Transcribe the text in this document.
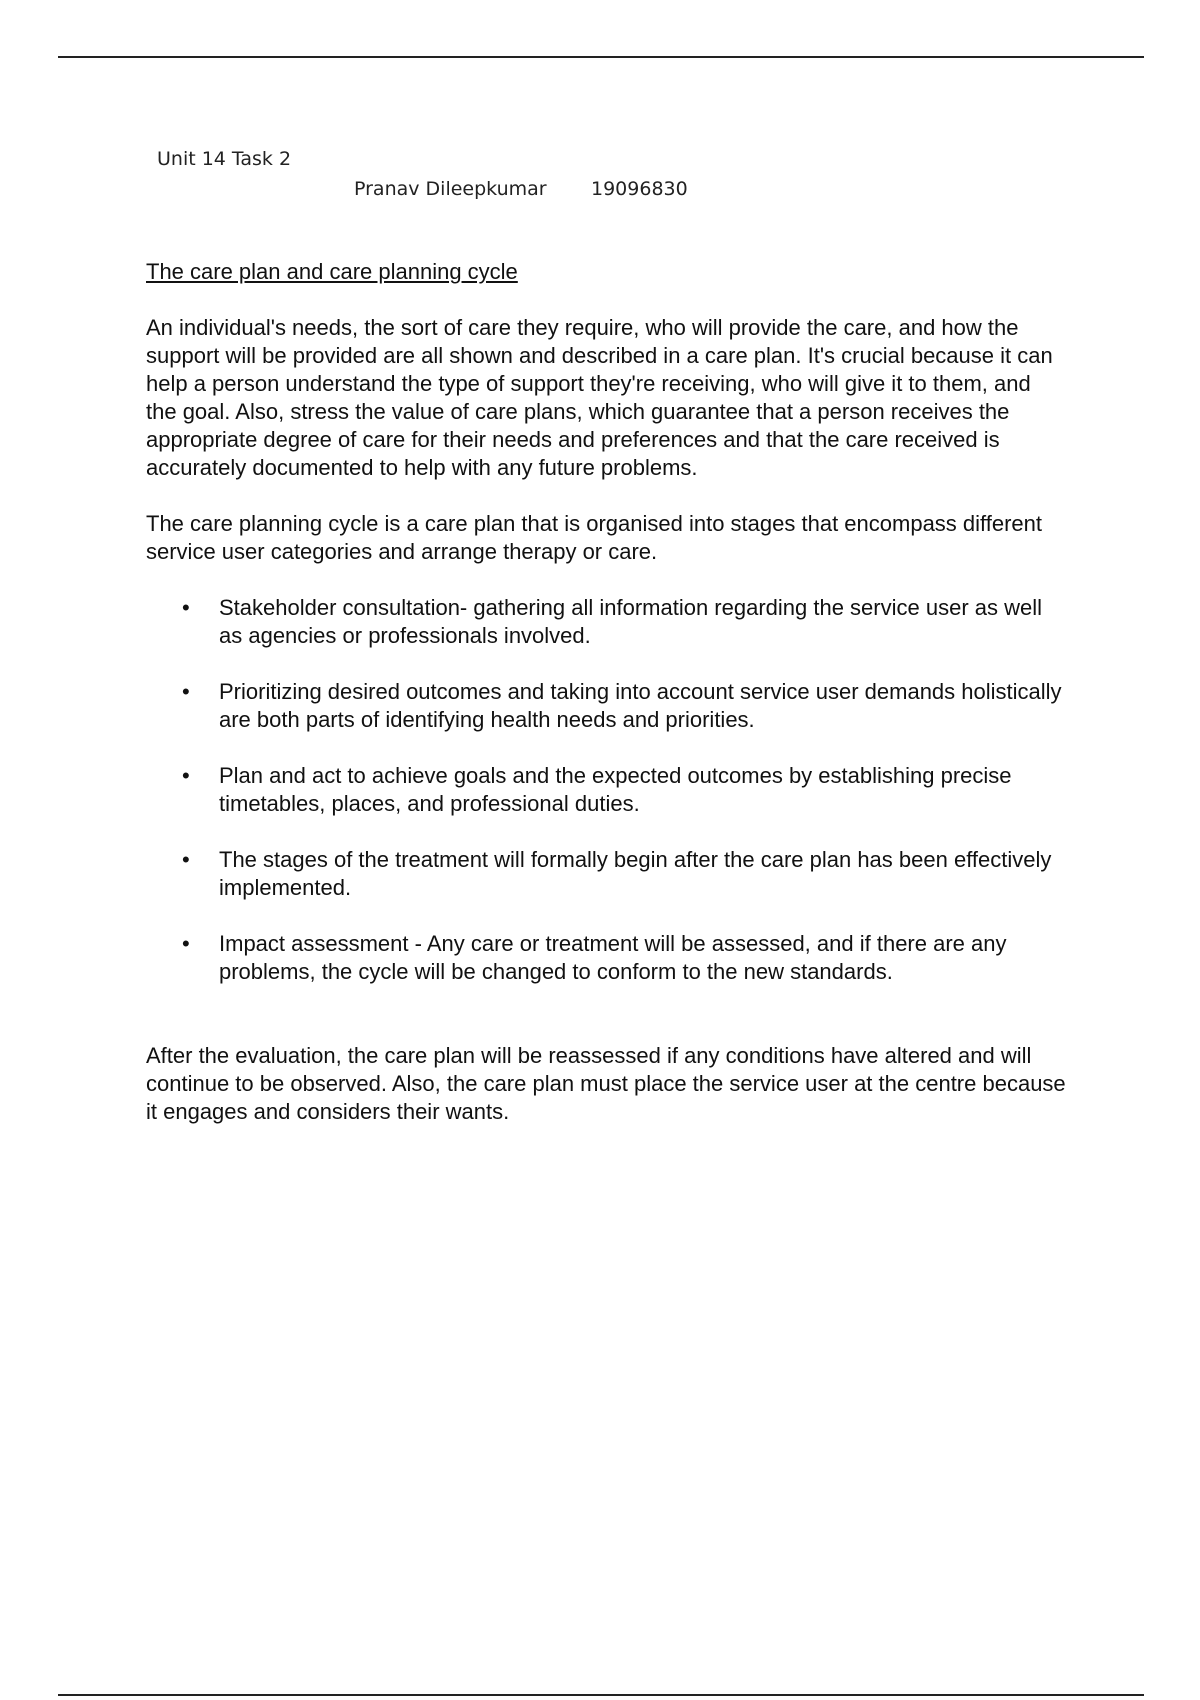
Unit 14 Task 2
Pranav Dileepkumar 19096830
The care plan and care planning cycle

An individual's needs, the sort of care they require, who will provide the care, and how the support will be provided are all shown and described in a care plan. It's crucial because it can help a person understand the type of support they're receiving, who will give it to them, and the goal. Also, stress the value of care plans, which guarantee that a person receives the appropriate degree of care for their needs and preferences and that the care received is accurately documented to help with any future problems.

The care planning cycle is a care plan that is organised into stages that encompass different service user categories and arrange therapy or care.

• Stakeholder consultation- gathering all information regarding the service user as well as agencies or professionals involved.
• Prioritizing desired outcomes and taking into account service user demands holistically are both parts of identifying health needs and priorities.
• Plan and act to achieve goals and the expected outcomes by establishing precise timetables, places, and professional duties.
• The stages of the treatment will formally begin after the care plan has been effectively implemented.
• Impact assessment - Any care or treatment will be assessed, and if there are any problems, the cycle will be changed to conform to the new standards.

After the evaluation, the care plan will be reassessed if any conditions have altered and will continue to be observed. Also, the care plan must place the service user at the centre because it engages and considers their wants.
